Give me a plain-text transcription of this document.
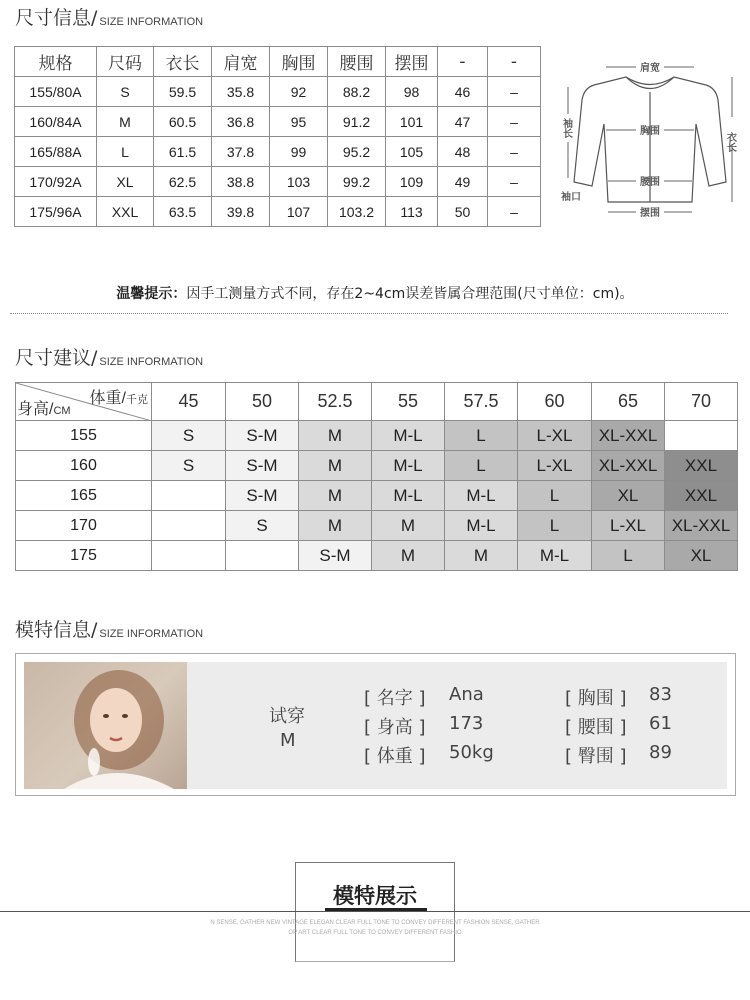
尺寸信息/ SIZE INFORMATION
规格	尺码	衣长	肩宽	胸围	腰围	摆围	-	-
155/80A	S	59.5	35.8	92	88.2	98	46	–
160/84A	M	60.5	36.8	95	91.2	101	47	–
165/88A	L	61.5	37.8	99	95.2	105	48	–
170/92A	XL	62.5	38.8	103	99.2	109	49	–
175/96A	XXL	63.5	39.8	107	103.2	113	50	–
肩宽
胸围
腰围
摆围
袖口
衣长
袖长
温馨提示：因手工测量方式不同，存在2~4cm误差皆属合理范围(尺寸单位：cm)。
尺寸建议/ SIZE INFORMATION
体重/千克
身高/CM	45	50	52.5	55	57.5	60	65	70
155	S	S-M	M	M-L	L	L-XL	XL-XXL	
160	S	S-M	M	M-L	L	L-XL	XL-XXL	XXL
165		S-M	M	M-L	M-L	L	XL	XXL
170		S	M	M	M-L	L	L-XL	XL-XXL
175			S-M	M	M	M-L	L	XL
模特信息/ SIZE INFORMATION
试穿
M
[ 名字 ] Ana
[ 身高 ] 173
[ 体重 ] 50kg
[ 胸围 ] 83
[ 腰围 ] 61
[ 臀围 ] 89
模特展示
N SENSE, GATHER NEW VINTAGE ELEGAN CLEAR FULL TONE TO CONVEY DIFFERENT FASHION SENSE, GATHER
OP ART CLEAR FULL TONE TO CONVEY DIFFERENT FASHIO
